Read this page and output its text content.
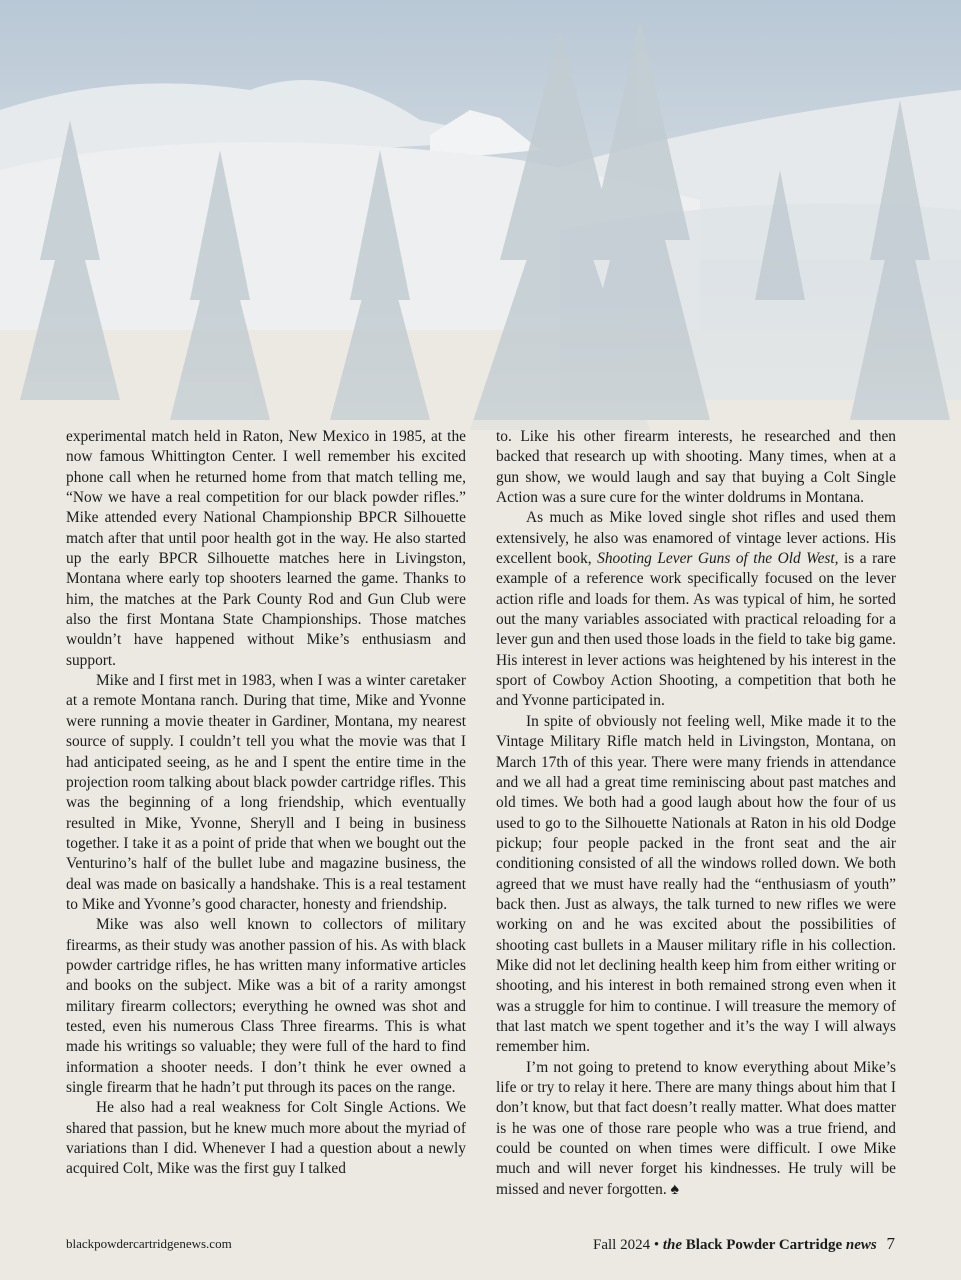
experimental match held in Raton, New Mexico in 1985, at the now famous Whittington Center. I well remember his excited phone call when he returned home from that match telling me, “Now we have a real competition for our black powder rifles.” Mike attended every National Championship BPCR Silhouette match after that until poor health got in the way. He also started up the early BPCR Silhouette matches here in Livingston, Montana where early top shooters learned the game. Thanks to him, the matches at the Park County Rod and Gun Club were also the first Montana State Championships. Those matches wouldn’t have happened without Mike’s enthusiasm and support.

Mike and I first met in 1983, when I was a winter caretaker at a remote Montana ranch. During that time, Mike and Yvonne were running a movie theater in Gardiner, Montana, my nearest source of supply. I couldn’t tell you what the movie was that I had anticipated seeing, as he and I spent the entire time in the projection room talking about black powder cartridge rifles. This was the beginning of a long friendship, which eventually resulted in Mike, Yvonne, Sheryll and I being in business together. I take it as a point of pride that when we bought out the Venturino’s half of the bullet lube and magazine business, the deal was made on basically a handshake. This is a real testament to Mike and Yvonne’s good character, honesty and friendship.

Mike was also well known to collectors of military firearms, as their study was another passion of his. As with black powder cartridge rifles, he has written many informative articles and books on the subject. Mike was a bit of a rarity amongst military firearm collectors; everything he owned was shot and tested, even his numerous Class Three firearms. This is what made his writings so valuable; they were full of the hard to find information a shooter needs. I don’t think he ever owned a single firearm that he hadn’t put through its paces on the range.

He also had a real weakness for Colt Single Actions. We shared that passion, but he knew much more about the myriad of variations than I did. Whenever I had a question about a newly acquired Colt, Mike was the first guy I talked

to. Like his other firearm interests, he researched and then backed that research up with shooting. Many times, when at a gun show, we would laugh and say that buying a Colt Single Action was a sure cure for the winter doldrums in Montana.

As much as Mike loved single shot rifles and used them extensively, he also was enamored of vintage lever actions. His excellent book, Shooting Lever Guns of the Old West, is a rare example of a reference work specifically focused on the lever action rifle and loads for them. As was typical of him, he sorted out the many variables associated with practical reloading for a lever gun and then used those loads in the field to take big game. His interest in lever actions was heightened by his interest in the sport of Cowboy Action Shooting, a competition that both he and Yvonne participated in.

In spite of obviously not feeling well, Mike made it to the Vintage Military Rifle match held in Livingston, Montana, on March 17th of this year. There were many friends in attendance and we all had a great time reminiscing about past matches and old times. We both had a good laugh about how the four of us used to go to the Silhouette Nationals at Raton in his old Dodge pickup; four people packed in the front seat and the air conditioning consisted of all the windows rolled down. We both agreed that we must have really had the “enthusiasm of youth” back then. Just as always, the talk turned to new rifles we were working on and he was excited about the possibilities of shooting cast bullets in a Mauser military rifle in his collection. Mike did not let declining health keep him from either writing or shooting, and his interest in both remained strong even when it was a struggle for him to continue. I will treasure the memory of that last match we spent together and it’s the way I will always remember him.

I’m not going to pretend to know everything about Mike’s life or try to relay it here. There are many things about him that I don’t know, but that fact doesn’t really matter. What does matter is he was one of those rare people who was a true friend, and could be counted on when times were difficult. I owe Mike much and will never forget his kindnesses. He truly will be missed and never forgotten. ♠

blackpowdercartridgenews.com	Fall 2024 • the Black Powder Cartridge news 7
